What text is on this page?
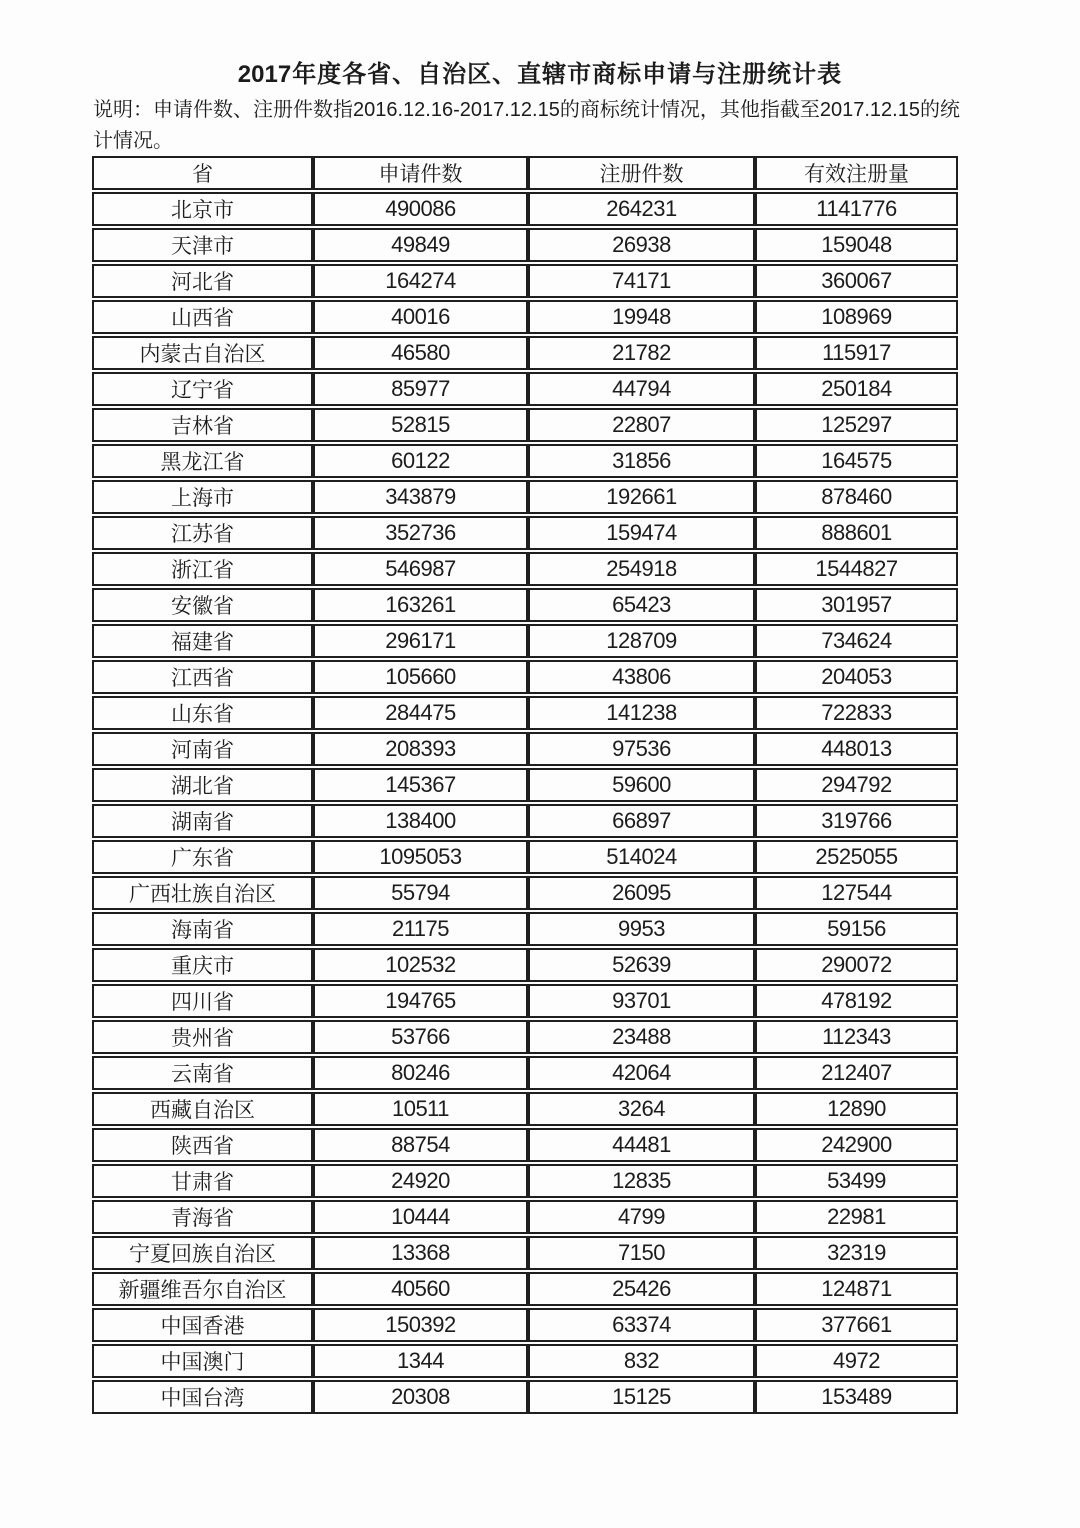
2017年度各省、自治区、直辖市商标申请与注册统计表

说明：申请件数、注册件数指2016.12.16-2017.12.15的商标统计情况，其他指截至2017.12.15的统计情况。

省	申请件数	注册件数	有效注册量
北京市	490086	264231	1141776
天津市	49849	26938	159048
河北省	164274	74171	360067
山西省	40016	19948	108969
内蒙古自治区	46580	21782	115917
辽宁省	85977	44794	250184
吉林省	52815	22807	125297
黑龙江省	60122	31856	164575
上海市	343879	192661	878460
江苏省	352736	159474	888601
浙江省	546987	254918	1544827
安徽省	163261	65423	301957
福建省	296171	128709	734624
江西省	105660	43806	204053
山东省	284475	141238	722833
河南省	208393	97536	448013
湖北省	145367	59600	294792
湖南省	138400	66897	319766
广东省	1095053	514024	2525055
广西壮族自治区	55794	26095	127544
海南省	21175	9953	59156
重庆市	102532	52639	290072
四川省	194765	93701	478192
贵州省	53766	23488	112343
云南省	80246	42064	212407
西藏自治区	10511	3264	12890
陕西省	88754	44481	242900
甘肃省	24920	12835	53499
青海省	10444	4799	22981
宁夏回族自治区	13368	7150	32319
新疆维吾尔自治区	40560	25426	124871
中国香港	150392	63374	377661
中国澳门	1344	832	4972
中国台湾	20308	15125	153489
